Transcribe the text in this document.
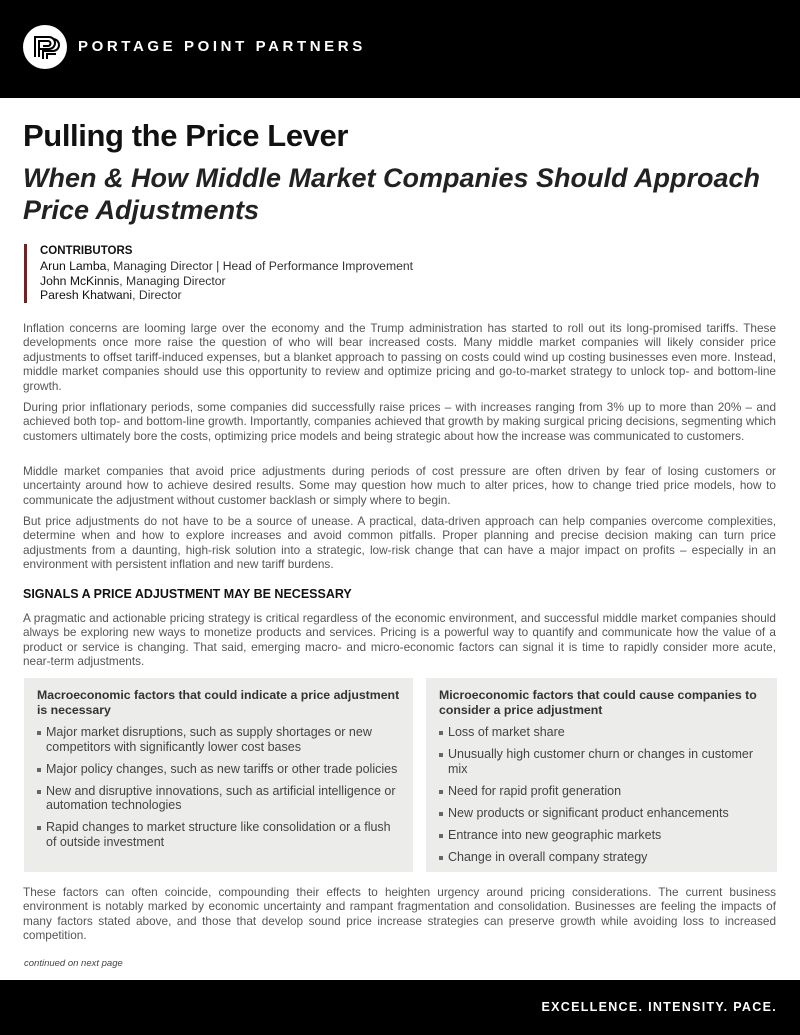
PORTAGE POINT PARTNERS
Pulling the Price Lever
When & How Middle Market Companies Should Approach Price Adjustments
CONTRIBUTORS
Arun Lamba, Managing Director | Head of Performance Improvement
John McKinnis, Managing Director
Paresh Khatwani, Director

Inflation concerns are looming large over the economy and the Trump administration has started to roll out its long-promised tariffs. These developments once more raise the question of who will bear increased costs. Many middle market companies will likely consider price adjustments to offset tariff-induced expenses, but a blanket approach to passing on costs could wind up costing businesses even more. Instead, middle market companies should use this opportunity to review and optimize pricing and go-to-market strategy to unlock top- and bottom-line growth.

During prior inflationary periods, some companies did successfully raise prices – with increases ranging from 3% up to more than 20% – and achieved both top- and bottom-line growth. Importantly, companies achieved that growth by making surgical pricing decisions, segmenting which customers ultimately bore the costs, optimizing price models and being strategic about how the increase was communicated to customers.

Middle market companies that avoid price adjustments during periods of cost pressure are often driven by fear of losing customers or uncertainty around how to achieve desired results. Some may question how much to alter prices, how to change tried price models, how to communicate the adjustment without customer backlash or simply where to begin.

But price adjustments do not have to be a source of unease. A practical, data-driven approach can help companies overcome complexities, determine when and how to explore increases and avoid common pitfalls. Proper planning and precise decision making can turn price adjustments from a daunting, high-risk solution into a strategic, low-risk change that can have a major impact on profits – especially in an environment with persistent inflation and new tariff burdens.

SIGNALS A PRICE ADJUSTMENT MAY BE NECESSARY

A pragmatic and actionable pricing strategy is critical regardless of the economic environment, and successful middle market companies should always be exploring new ways to monetize products and services. Pricing is a powerful way to quantify and communicate how the value of a product or service is changing. That said, emerging macro- and micro-economic factors can signal it is time to rapidly consider more acute, near-term adjustments.

Macroeconomic factors that could indicate a price adjustment is necessary
Major market disruptions, such as supply shortages or new competitors with significantly lower cost bases
Major policy changes, such as new tariffs or other trade policies
New and disruptive innovations, such as artificial intelligence or automation technologies
Rapid changes to market structure like consolidation or a flush of outside investment
Microeconomic factors that could cause companies to consider a price adjustment
Loss of market share
Unusually high customer churn or changes in customer mix
Need for rapid profit generation
New products or significant product enhancements
Entrance into new geographic markets
Change in overall company strategy

These factors can often coincide, compounding their effects to heighten urgency around pricing considerations. The current business environment is notably marked by economic uncertainty and rampant fragmentation and consolidation. Businesses are feeling the impacts of many factors stated above, and those that develop sound price increase strategies can preserve growth while avoiding loss to increased competition.

continued on next page
EXCELLENCE. INTENSITY. PACE.
